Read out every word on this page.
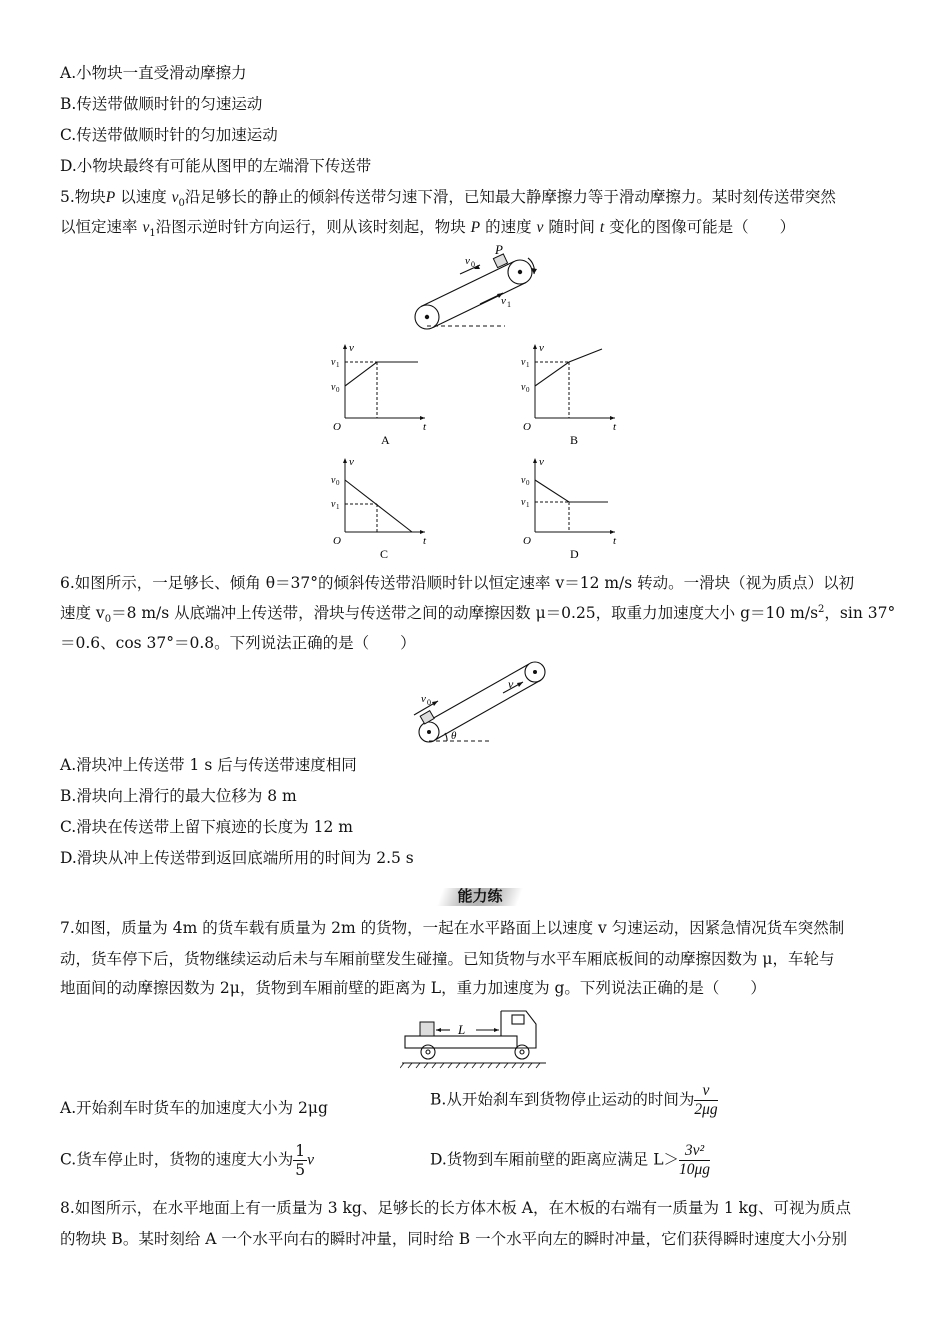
A.小物块一直受滑动摩擦力
B.传送带做顺时针的匀速运动
C.传送带做顺时针的匀加速运动
D.小物块最终有可能从图甲的左端滑下传送带
5.物块P 以速度 $v_0$沿足够长的静止的倾斜传送带匀速下滑，已知最大静摩擦力等于滑动摩擦力。某时刻传送带突然
以恒定速率 $v_1$沿图示逆时针方向运行，则从该时刻起，物块 P 的速度 v 随时间 t 变化的图像可能是（　　）
P
v 0
v 1
v
t
O
v 1
v 0
A
v
t
O
v 1
v 0
B
v
t
O
v 0
v 1
C
v
t
O
v 0
v 1
D
6.如图所示，一足够长、倾角 θ＝37°的倾斜传送带沿顺时针以恒定速率 v＝12 m/s 转动。一滑块（视为质点）以初
速度 $v_0=8$ m/s 从底端冲上传送带，滑块与传送带之间的动摩擦因数 μ＝0.25，取重力加速度大小 g＝10 $m/s^2$，sin 37°
＝0.6、cos 37°＝0.8。下列说法正确的是（　　）
v 0
v
θ
A.滑块冲上传送带 1 s 后与传送带速度相同
B.滑块向上滑行的最大位移为 8 m
C.滑块在传送带上留下痕迹的长度为 12 m
D.滑块从冲上传送带到返回底端所用的时间为 2.5 s
能力练
7.如图，质量为 4m 的货车载有质量为 2m 的货物，一起在水平路面上以速度 v 匀速运动，因紧急情况货车突然制
动，货车停下后，货物继续运动后未与车厢前壁发生碰撞。已知货物与水平车厢底板间的动摩擦因数为 μ，车轮与
地面间的动摩擦因数为 2μ，货物到车厢前壁的距离为 L，重力加速度为 g。下列说法正确的是（　　）
L
A.开始刹车时货车的加速度大小为 2μg	B.从开始刹车到货物停止运动的时间为 $\frac{v}{2\mu g}$
C.货车停止时，货物的速度大小为 $\frac{1}{5}$ v	D.货物到车厢前壁的距离应满足 $L> \frac{\text{3v²}}{10\mu g}$
8.如图所示，在水平地面上有一质量为 3 kg、足够长的长方体木板 A，在木板的右端有一质量为 1 kg、可视为质点
的物块 B。某时刻给 A 一个水平向右的瞬时冲量，同时给 B 一个水平向左的瞬时冲量，它们获得瞬时速度大小分别
